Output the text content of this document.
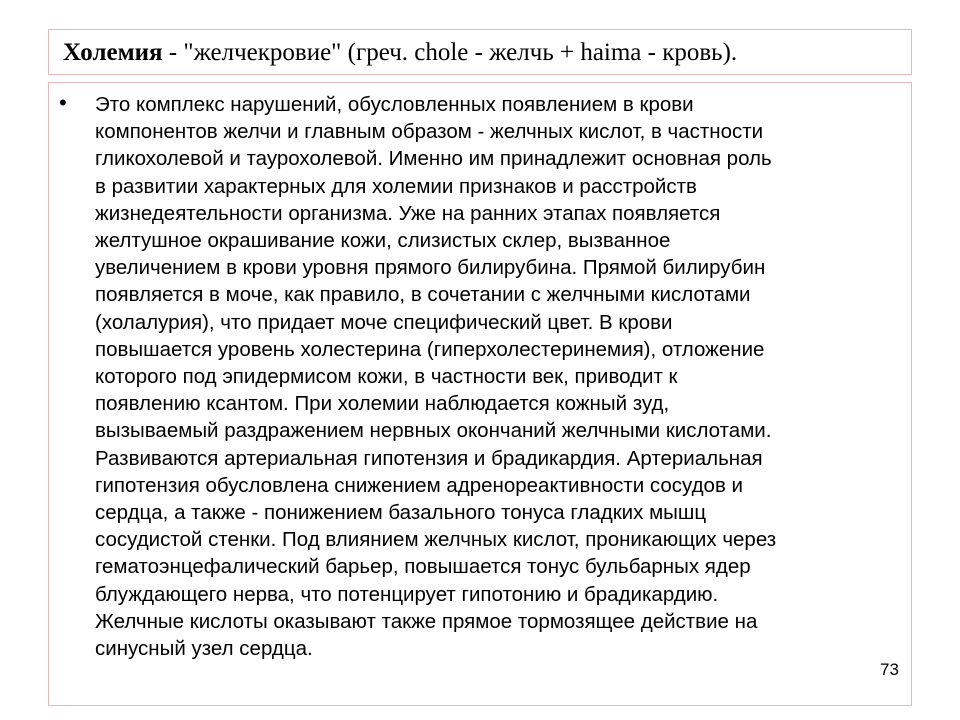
Холемия - "желчекровие" (греч. chole - желчь + haima - кровь).
• Это комплекс нарушений, обусловленных появлением в крови
компонентов желчи и главным образом - желчных кислот, в частности
гликохолевой и таурохолевой. Именно им принадлежит основная роль
в развитии характерных для холемии признаков и расстройств
жизнедеятельности организма. Уже на ранних этапах появляется
желтушное окрашивание кожи, слизистых склер, вызванное
увеличением в крови уровня прямого билирубина. Прямой билирубин
появляется в моче, как правило, в сочетании с желчными кислотами
(холалурия), что придает моче специфический цвет. В крови
повышается уровень холестерина (гиперхолестеринемия), отложение
которого под эпидермисом кожи, в частности век, приводит к
появлению ксантом. При холемии наблюдается кожный зуд,
вызываемый раздражением нервных окончаний желчными кислотами.
Развиваются артериальная гипотензия и брадикардия. Артериальная
гипотензия обусловлена снижением адренореактивности сосудов и
сердца, а также - понижением базального тонуса гладких мышц
сосудистой стенки. Под влиянием желчных кислот, проникающих через
гематоэнцефалический барьер, повышается тонус бульбарных ядер
блуждающего нерва, что потенцирует гипотонию и брадикардию.
Желчные кислоты оказывают также прямое тормозящее действие на
синусный узел сердца.
73
